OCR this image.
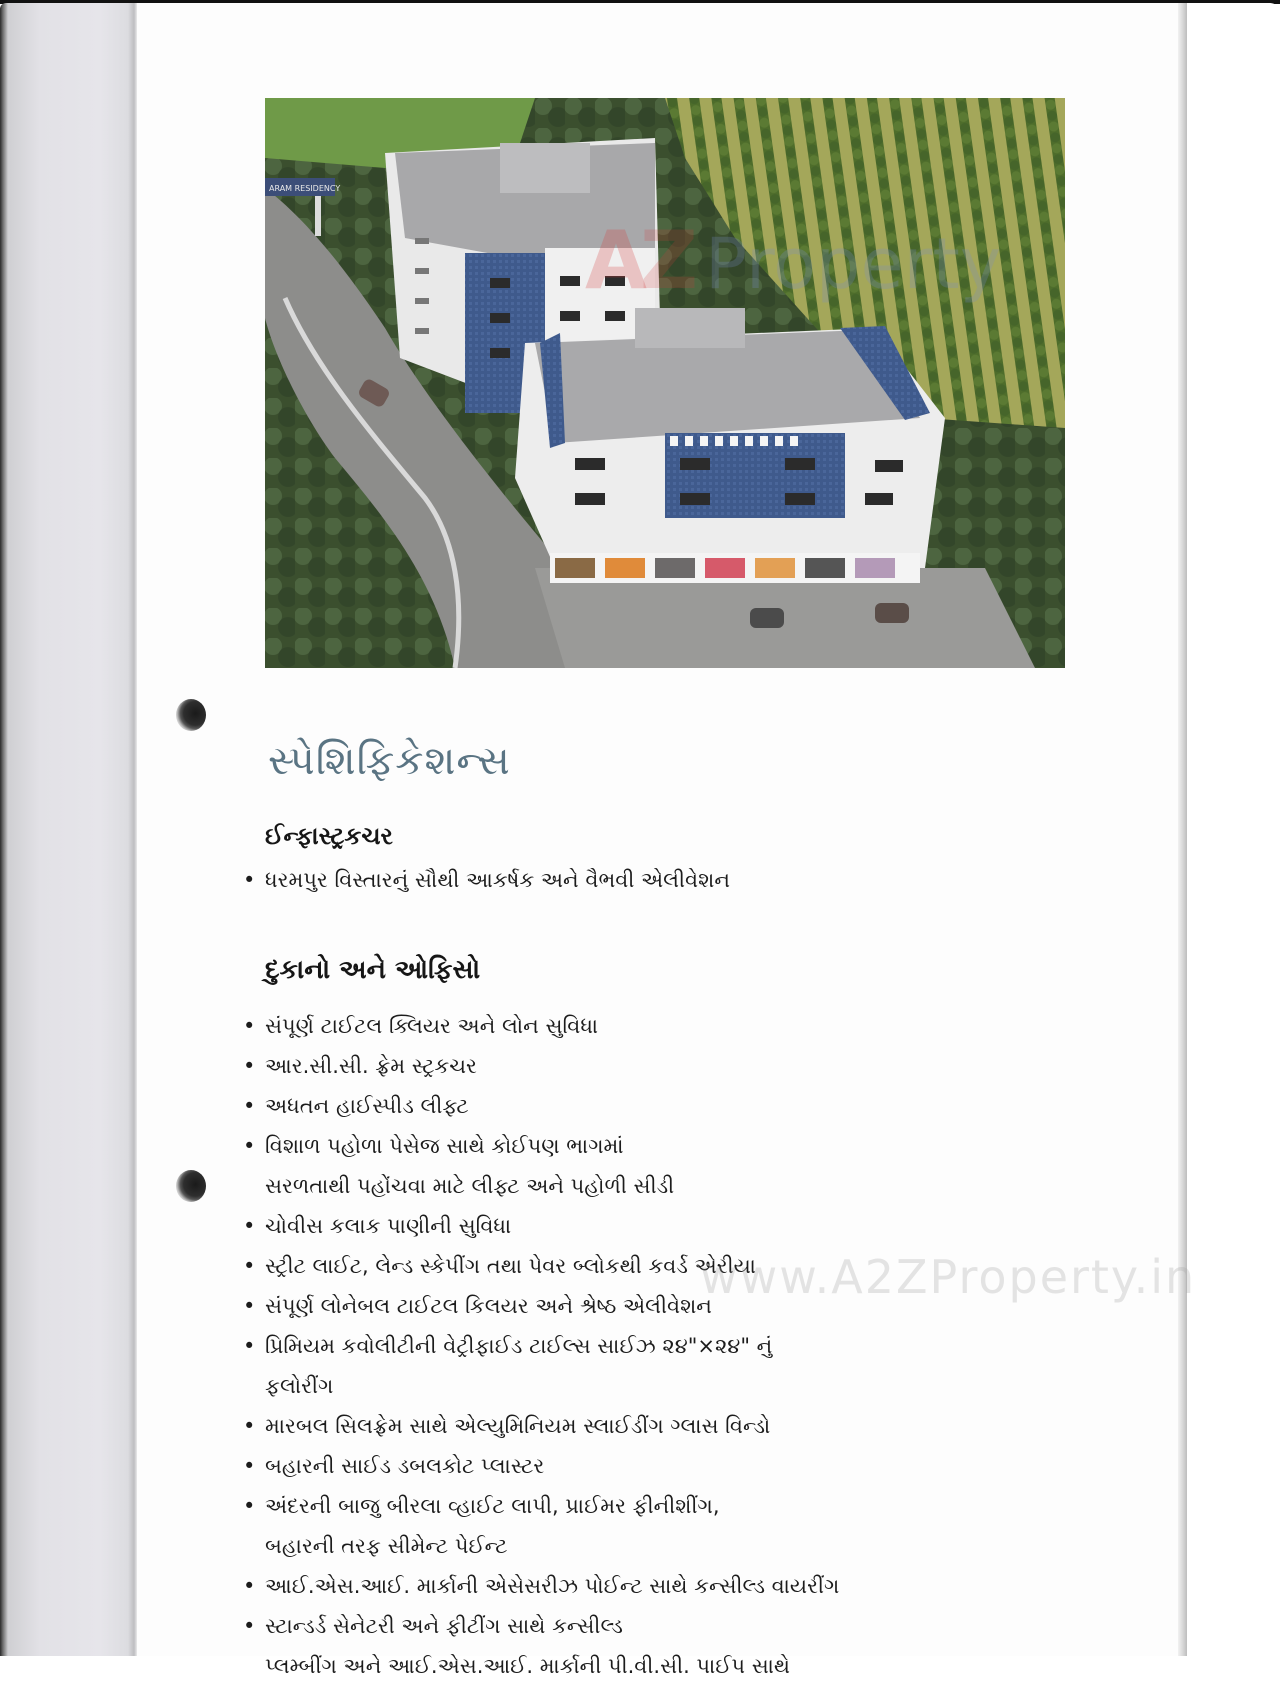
ARAM RESIDENCY
A
Z Property
સ્પેશિફિકેશન્સ
ઈન્ફાસ્ટ્રકચર
• ધરમપુર વિસ્તારનું સૌથી આકર્ષક અને વૈભવી એલીવેશન
દુકાનો અને ઓફિસો
• સંપૂર્ણ ટાઈટલ ક્લિયર અને લોન સુવિધા
• આર.સી.સી. ફ્રેમ સ્ટ્રકચર
• અધતન હાઈસ્પીડ લીફ્ટ
• વિશાળ પહોળા પેસેજ સાથે કોઈપણ ભાગમાં
સરળતાથી પહોંચવા માટે લીફ્ટ અને પહોળી સીડી
• ચોવીસ કલાક પાણીની સુવિધા
• સ્ટ્રીટ લાઈટ, લેન્ડ સ્કેપીંગ તથા પેવર બ્લોકથી કવર્ડ એરીયા
• સંપૂર્ણ લોનેબલ ટાઈટલ કિલયર અને શ્રેષ્ઠ એલીવેશન
• પ્રિમિયમ કવોલીટીની વેટ્રીફાઈડ ટાઈલ્સ સાઈઝ ૨૪"×૨૪" નું
ફલોરીંગ
• મારબલ સિલફ્રેમ સાથે એલ્યુમિનિયમ સ્લાઈડીંગ ગ્લાસ વિન્ડો
• બહારની સાઈડ ડબલકોટ પ્લાસ્ટર
• અંદરની બાજુ બીરલા વ્હાઈટ લાપી, પ્રાઈમર ફીનીશીંગ,
બહારની તરફ સીમેન્ટ પેઈન્ટ
• આઈ.એસ.આઈ. માર્કાની એસેસરીઝ પોઈન્ટ સાથે કન્સીલ્ડ વાયરીંગ
• સ્ટાન્ડર્ડ સેનેટરી અને ફીટીંગ સાથે કન્સીલ્ડ
પ્લમ્બીંગ અને આઈ.એસ.આઈ. માર્કાની પી.વી.સી. પાઈપ સાથે
www.A2ZProperty.in
